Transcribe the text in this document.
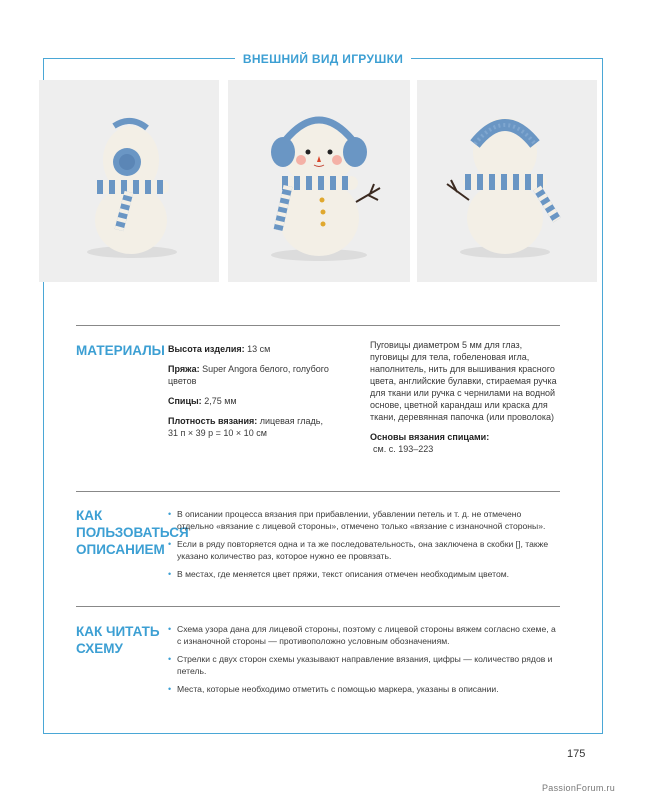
ВНЕШНИЙ ВИД ИГРУШКИ
МАТЕРИАЛЫ Высота изделия: 13 см

Пряжа: Super Angora белого, голубого цветов

Спицы: 2,75 мм

Плотность вязания: лицевая гладь,
31 п × 39 р = 10 × 10 см

Пуговицы диаметром 5 мм для глаз, пуговицы для тела, гобеленовая игла, наполнитель, нить для вышивания красного цвета, английские булавки, стираемая ручка для ткани или ручка с чернилами на водной основе, цветной карандаш или краска для ткани, деревянная папочка (или проволока)

Основы вязания спицами:
см. с. 193–223

КАК
ПОЛЬЗОВАТЬСЯ
ОПИСАНИЕМ
• В описании процесса вязания при прибавлении, убавлении петель и т. д. не отмечено отдельно «вязание с лицевой стороны», отмечено только «вязание с изнаночной стороны».
• Если в ряду повторяется одна и та же последовательность, она заключена в скобки [], также указано количество раз, которое нужно ее провязать.
• В местах, где меняется цвет пряжи, текст описания отмечен необходимым цветом.
КАК ЧИТАТЬ
СХЕМУ
• Схема узора дана для лицевой стороны, поэтому с лицевой стороны вяжем согласно схеме, а с изнаночной стороны — противоположно условным обозначениям.
• Стрелки с двух сторон схемы указывают направление вязания, цифры — количество рядов и петель.
• Места, которые необходимо отметить с помощью маркера, указаны в описании.
175
PassionForum.ru
